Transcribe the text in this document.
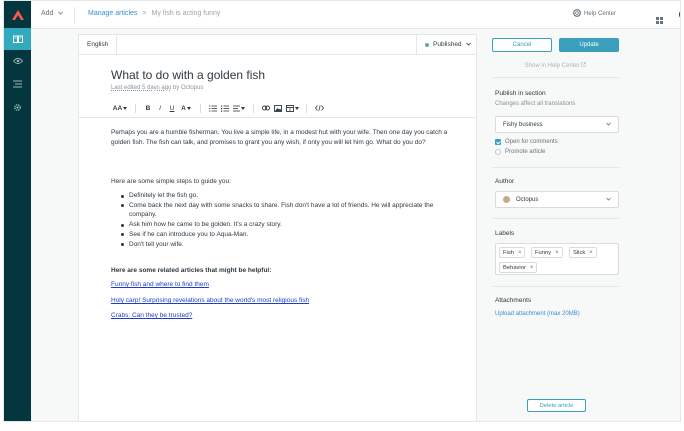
Add	Manage articles > My fish is acting funny	Help Center
English	Published
What to do with a golden fish
Last edited 5 days ago by Octopus
AA	B	I	U	A

Perhaps you are a humble fisherman. You live a simple life, in a modest hut with your wife. Then one day you catch a golden fish. The fish can talk, and promises to grant you any wish, if only you will let him go. What do you do?

Here are some simple steps to guide you:

Definitely let the fish go.
Come back the next day with some snacks to share. Fish don't have a lot of friends. He will appreciate the company.
Ask him how he came to be golden. It's a crazy story.
See if he can introduce you to Aqua-Man.
Don't tell your wife.

Here are some related articles that might be helpful:

Funny fish and where to find them
Holy carp! Surprising revelations about the world's most religious fish
Crabs: Can they be trusted?
Cancel	Update
Show in Help Center
Publish in section
Changes affect all translations
Fishy business
Open for comments
Promote article
Author
Octopus
Labels
Fish × Funny × Slick ×
Behavior ×
Attachments
Upload attachment (max 20MB)
Delete article
